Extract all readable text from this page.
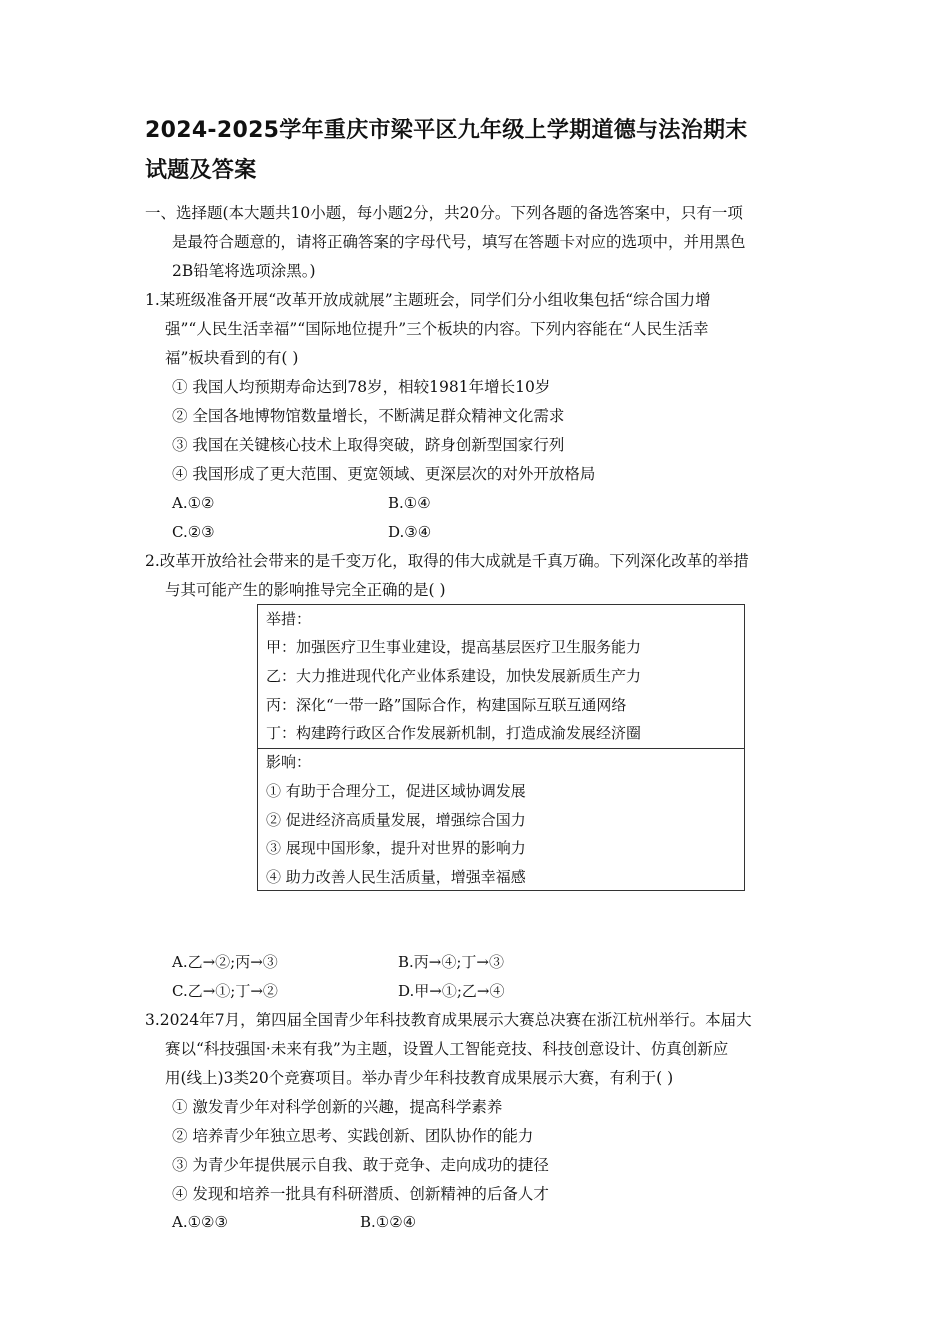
2024-2025学年重庆市梁平区九年级上学期道德与法治期末
试题及答案
一、选择题(本大题共10小题，每小题2分，共20分。下列各题的备选答案中，只有一项
是最符合题意的，请将正确答案的字母代号，填写在答题卡对应的选项中，并用黑色
2B铅笔将选项涂黑。)
1.某班级准备开展“改革开放成就展”主题班会，同学们分小组收集包括“综合国力增
强”“人民生活幸福”“国际地位提升”三个板块的内容。下列内容能在“人民生活幸
福”板块看到的有( )
① 我国人均预期寿命达到78岁，相较1981年增长10岁
② 全国各地博物馆数量增长，不断满足群众精神文化需求
③ 我国在关键核心技术上取得突破，跻身创新型国家行列
④ 我国形成了更大范围、更宽领域、更深层次的对外开放格局
A.①②	B.①④
C.②③	D.③④
2.改革开放给社会带来的是千变万化，取得的伟大成就是千真万确。下列深化改革的举措
与其可能产生的影响推导完全正确的是( )
举措：
甲：加强医疗卫生事业建设，提高基层医疗卫生服务能力
乙：大力推进现代化产业体系建设，加快发展新质生产力
丙：深化“一带一路”国际合作，构建国际互联互通网络
丁：构建跨行政区合作发展新机制，打造成渝发展经济圈
影响：
① 有助于合理分工，促进区域协调发展
② 促进经济高质量发展，增强综合国力
③ 展现中国形象，提升对世界的影响力
④ 助力改善人民生活质量，增强幸福感
A.乙→②;丙→③	B.丙→④;丁→③
C.乙→①;丁→②	D.甲→①;乙→④
3.2024年7月，第四届全国青少年科技教育成果展示大赛总决赛在浙江杭州举行。本届大
赛以“科技强国·未来有我”为主题，设置人工智能竞技、科技创意设计、仿真创新应
用(线上)3类20个竞赛项目。举办青少年科技教育成果展示大赛，有利于( )
① 激发青少年对科学创新的兴趣，提高科学素养
② 培养青少年独立思考、实践创新、团队协作的能力
③ 为青少年提供展示自我、敢于竞争、走向成功的捷径
④ 发现和培养一批具有科研潜质、创新精神的后备人才
A.①②③	B.①②④
